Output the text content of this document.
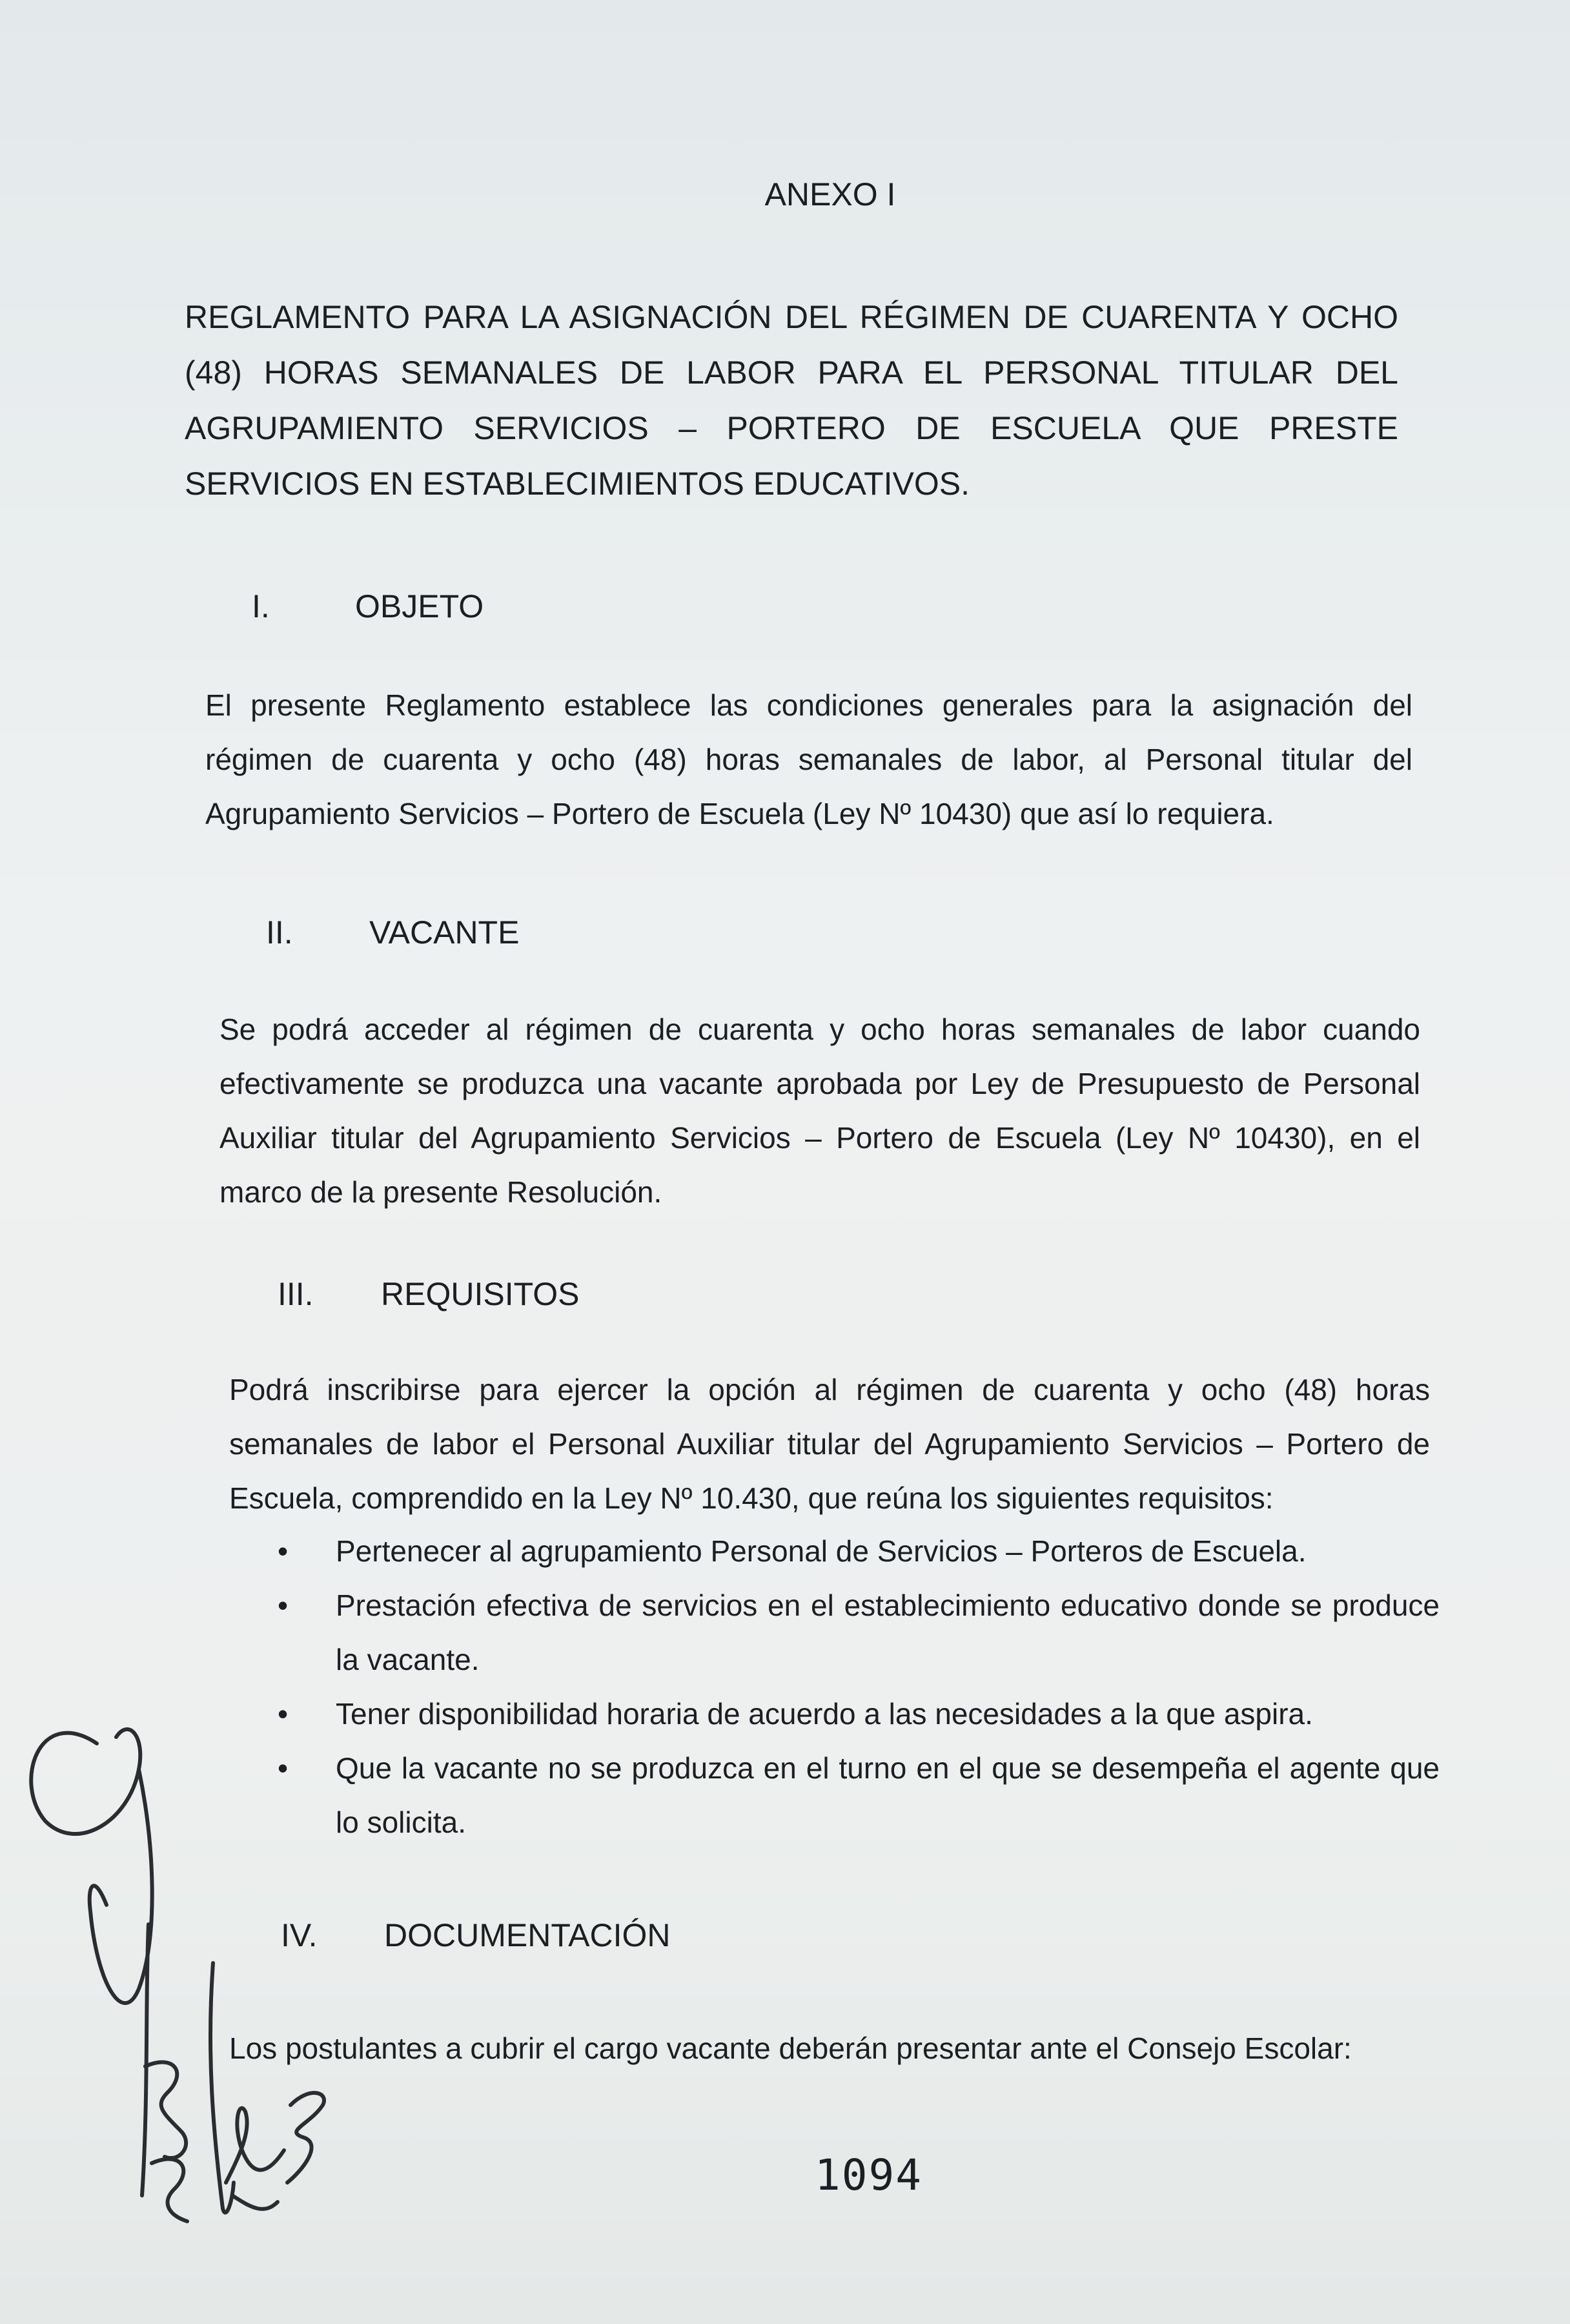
ANEXO I
REGLAMENTO PARA LA ASIGNACIÓN DEL RÉGIMEN DE CUARENTA Y OCHO (48) HORAS SEMANALES DE LABOR PARA EL PERSONAL TITULAR DEL AGRUPAMIENTO SERVICIOS – PORTERO DE ESCUELA QUE PRESTE SERVICIOS EN ESTABLECIMIENTOS EDUCATIVOS.
I.	OBJETO
El presente Reglamento establece las condiciones generales para la asignación del régimen de cuarenta y ocho (48) horas semanales de labor, al Personal titular del Agrupamiento Servicios – Portero de Escuela (Ley Nº 10430) que así lo requiera.
II. VACANTE
Se podrá acceder al régimen de cuarenta y ocho horas semanales de labor cuando efectivamente se produzca una vacante aprobada por Ley de Presupuesto de Personal Auxiliar titular del Agrupamiento Servicios – Portero de Escuela (Ley Nº 10430), en el marco de la presente Resolución.
III. REQUISITOS
Podrá inscribirse para ejercer la opción al régimen de cuarenta y ocho (48) horas semanales de labor el Personal Auxiliar titular del Agrupamiento Servicios – Portero de Escuela, comprendido en la Ley Nº 10.430, que reúna los siguientes requisitos:
• Pertenecer al agrupamiento Personal de Servicios – Porteros de Escuela.
• Prestación efectiva de servicios en el establecimiento educativo donde se produce la vacante.
• Tener disponibilidad horaria de acuerdo a las necesidades a la que aspira.
• Que la vacante no se produzca en el turno en el que se desempeña el agente que lo solicita.
IV. DOCUMENTACIÓN
Los postulantes a cubrir el cargo vacante deberán presentar ante el Consejo Escolar:
1094
